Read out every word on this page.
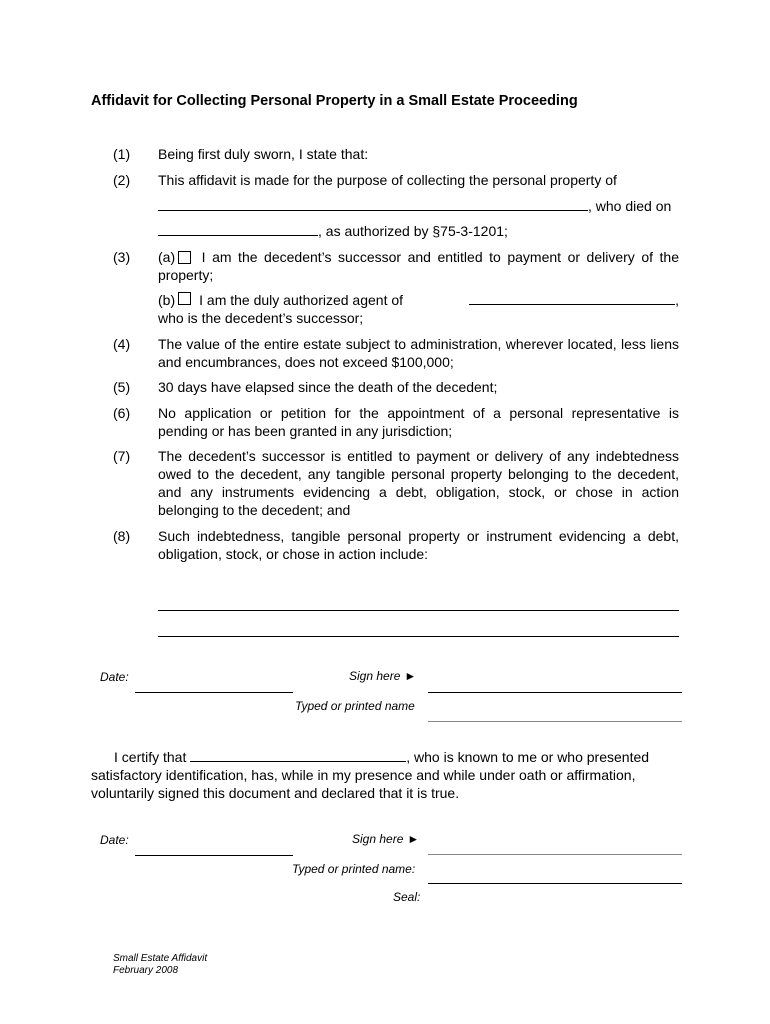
Affidavit for Collecting Personal Property in a Small Estate Proceeding
(1) Being first duly sworn, I state that:
(2) This affidavit is made for the purpose of collecting the personal property of
, who died on
, as authorized by §75-3-1201;
(3) (a) I am the decedent’s successor and entitled to payment or delivery of the property;
(b) I am the duly authorized agent of	,
who is the decedent’s successor;
(4) The value of the entire estate subject to administration, wherever located, less liens and encumbrances, does not exceed $100,000;
(5) 30 days have elapsed since the death of the decedent;
(6) No application or petition for the appointment of a personal representative is pending or has been granted in any jurisdiction;
(7) The decedent’s successor is entitled to payment or delivery of any indebtedness owed to the decedent, any tangible personal property belonging to the decedent, and any instruments evidencing a debt, obligation, stock, or chose in action belonging to the decedent; and
(8) Such indebtedness, tangible personal property or instrument evidencing a debt, obligation, stock, or chose in action include:
Date:	Sign here ►
Typed or printed name
I certify that	, who is known to me or who presented satisfactory identification, has, while in my presence and while under oath or affirmation, voluntarily signed this document and declared that it is true.
Date:	Sign here ►
Typed or printed name:
Seal:
Small Estate Affidavit
February 2008
